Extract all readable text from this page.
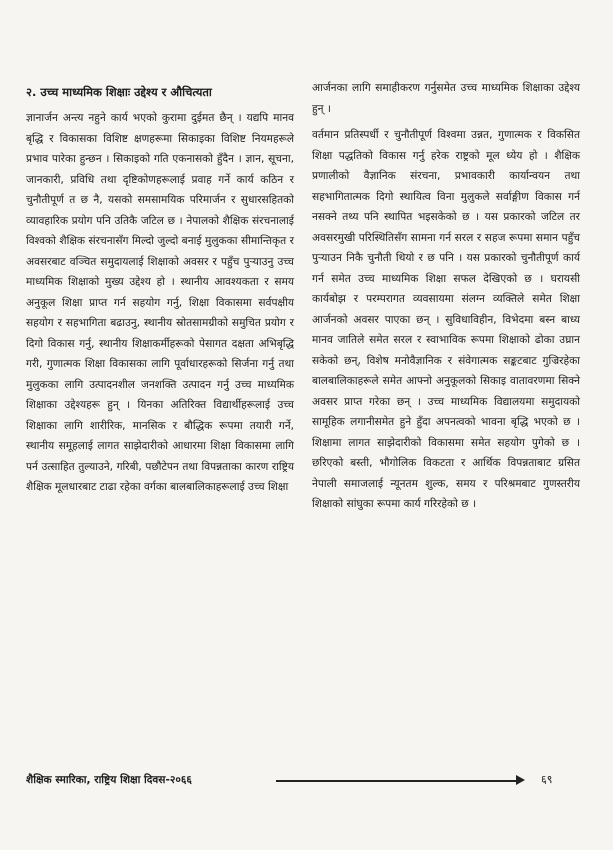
२. उच्च माध्यमिक शिक्षाः उद्देश्य र औचित्यता

ज्ञानार्जन अन्त्य नहुने कार्य भएको कुरामा दुईमत छैन् । यद्यपि मानव बृद्धि र विकासका विशिष्ट क्षणहरूमा सिकाइका विशिष्ट नियमहरूले प्रभाव पारेका हुन्छन । सिकाइको गति एकनासको हुँदैन । ज्ञान, सूचना, जानकारी, प्रविधि तथा दृष्टिकोणहरूलाई प्रवाह गर्ने कार्य कठिन र चुनौतीपूर्ण त छ नै, यसको समसामयिक परिमार्जन र सुधारसहितको व्यावहारिक प्रयोग पनि उतिकै जटिल छ । नेपालको शैक्षिक संरचनालाई विश्वको शैक्षिक संरचनासँग मिल्दो जुल्दो बनाई मुलुकका सीमान्तिकृत र अवसरबाट वञ्चित समुदायलाई शिक्षाको अवसर र पहुँच पुऱ्याउनु उच्च माध्यमिक शिक्षाको मुख्य उद्देश्य हो । स्थानीय आवश्यकता र समय अनुकूल शिक्षा प्राप्त गर्न सहयोग गर्नु, शिक्षा विकासमा सर्वपक्षीय सहयोग र सहभागिता बढाउनु, स्थानीय स्रोतसामग्रीको समुचित प्रयोग र दिगो विकास गर्नु, स्थानीय शिक्षाकर्मीहरूको पेसागत दक्षता अभिबृद्धि गरी, गुणात्मक शिक्षा विकासका लागि पूर्वाधारहरूको सिर्जना गर्नु तथा मुलुकका लागि उत्पादनशील जनशक्ति उत्पादन गर्नु उच्च माध्यमिक शिक्षाका उद्देश्यहरू हुन् । यिनका अतिरिक्त विद्यार्थीहरूलाई उच्च शिक्षाका लागि शारीरिक, मानसिक र बौद्धिक रूपमा तयारी गर्ने, स्थानीय समूहलाई लागत साझेदारीको आधारमा शिक्षा विकासमा लागि पर्न उत्साहित तुल्याउने, गरिबी, पछौटेपन तथा विपन्नताका कारण राष्ट्रिय शैक्षिक मूलधारबाट टाढा रहेका वर्गका बालबालिकाहरूलाई उच्च शिक्षा

आर्जनका लागि समाहीकरण गर्नुसमेत उच्च माध्यमिक शिक्षाका उद्देश्य हुन् ।

वर्तमान प्रतिस्पर्धी र चुनौतीपूर्ण विश्वमा उन्नत, गुणात्मक र विकसित शिक्षा पद्धतिको विकास गर्नु हरेक राष्ट्रको मूल ध्येय हो । शैक्षिक प्रणालीको वैज्ञानिक संरचना, प्रभावकारी कार्यान्वयन तथा सहभागितात्मक दिगो स्थायित्व विना मुलुकले सर्वाङ्गीण विकास गर्न नसक्ने तथ्य पनि स्थापित भइसकेको छ । यस प्रकारको जटिल तर अवसरमुखी परिस्थितिसँग सामना गर्न सरल र सहज रूपमा समान पहुँच पुऱ्याउन निकै चुनौती थियो र छ पनि । यस प्रकारको चुनौतीपूर्ण कार्य गर्न समेत उच्च माध्यमिक शिक्षा सफल देखिएको छ । घरायसी कार्यबोझ र परम्परागत व्यवसायमा संलग्न व्यक्तिले समेत शिक्षा आर्जनको अवसर पाएका छन् । सुविधाविहीन, विभेदमा बस्न बाध्य मानव जातिले समेत सरल र स्वाभाविक रूपमा शिक्षाको ढोका उघ्रान सकेको छन्, विशेष मनोवैज्ञानिक र संवेगात्मक सङ्कटबाट गुज्रिरहेका बालबालिकाहरूले समेत आफ्नो अनुकूलको सिकाइ वातावरणमा सिक्ने अवसर प्राप्त गरेका छन् । उच्च माध्यमिक विद्यालयमा समुदायको सामूहिक लगानीसमेत हुने हुँदा अपनत्वको भावना बृद्धि भएको छ । शिक्षामा लागत साझेदारीको विकासमा समेत सहयोग पुगेको छ । छरिएको बस्ती, भौगोलिक विकटता र आर्थिक विपन्नताबाट ग्रसित नेपाली समाजलाई न्यूनतम शुल्क, समय र परिश्रमबाट गुणस्तरीय शिक्षाको सांघुका रूपमा कार्य गरिरहेको छ ।

शैक्षिक स्मारिका, राष्ट्रिय शिक्षा दिवस-२०६६	६९
